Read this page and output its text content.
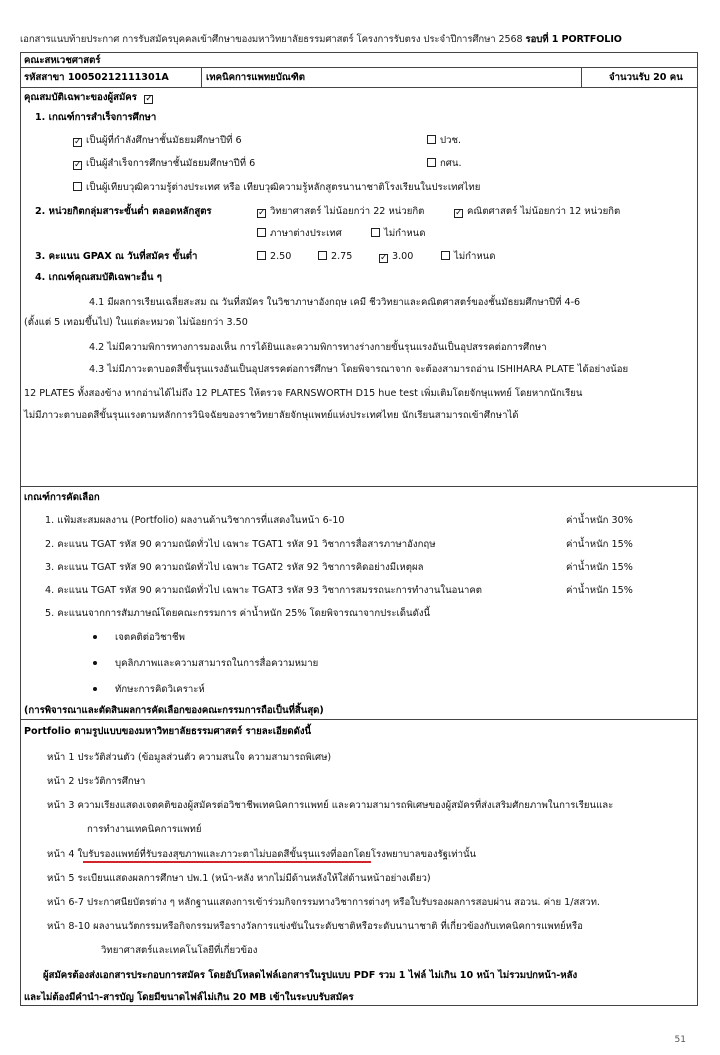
เอกสารแนบท้ายประกาศ การรับสมัครบุคคลเข้าศึกษาของมหาวิทยาลัยธรรมศาสตร์ โครงการรับตรง ประจำปีการศึกษา 2568 รอบที่ 1 PORTFOLIO
คณะสหเวชศาสตร์
รหัสสาขา 10050212111301A	เทคนิคการแพทยบัณฑิต	จำนวนรับ 20 คน
คุณสมบัติเฉพาะของผู้สมัคร ✓
1. เกณฑ์การสำเร็จการศึกษา
✓ เป็นผู้ที่กำลังศึกษาชั้นมัธยมศึกษาปีที่ 6
✓ เป็นผู้สำเร็จการศึกษาชั้นมัธยมศึกษาปีที่ 6
เป็นผู้เทียบวุฒิความรู้ต่างประเทศ หรือ เทียบวุฒิความรู้หลักสูตรนานาชาติโรงเรียนในประเทศไทย
ปวช.
กศน.
2. หน่วยกิตกลุ่มสาระขั้นต่ำ ตลอดหลักสูตร	✓ วิทยาศาสตร์ ไม่น้อยกว่า 22 หน่วยกิต	✓ คณิตศาสตร์ ไม่น้อยกว่า 12 หน่วยกิต
ภาษาต่างประเทศ	ไม่กำหนด
3. คะแนน GPAX ณ วันที่สมัคร ขั้นต่ำ	2.50	2.75	✓ 3.00	ไม่กำหนด
4. เกณฑ์คุณสมบัติเฉพาะอื่น ๆ
4.1 มีผลการเรียนเฉลี่ยสะสม ณ วันที่สมัคร ในวิชาภาษาอังกฤษ เคมี ชีววิทยาและคณิตศาสตร์ของชั้นมัธยมศึกษาปีที่ 4-6
(ตั้งแต่ 5 เทอมขึ้นไป) ในแต่ละหมวด ไม่น้อยกว่า 3.50
4.2 ไม่มีความพิการทางการมองเห็น การได้ยินและความพิการทางร่างกายขั้นรุนแรงอันเป็นอุปสรรคต่อการศึกษา
4.3 ไม่มีภาวะตาบอดสีขั้นรุนแรงอันเป็นอุปสรรคต่อการศึกษา โดยพิจารณาจาก จะต้องสามารถอ่าน ISHIHARA PLATE ได้อย่างน้อย
12 PLATES ทั้งสองข้าง หากอ่านได้ไม่ถึง 12 PLATES ให้ตรวจ FARNSWORTH D15 hue test เพิ่มเติมโดยจักษุแพทย์ โดยหากนักเรียน
ไม่มีภาวะตาบอดสีขั้นรุนแรงตามหลักการวินิจฉัยของราชวิทยาลัยจักษุแพทย์แห่งประเทศไทย นักเรียนสามารถเข้าศึกษาได้
เกณฑ์การคัดเลือก
1. แฟ้มสะสมผลงาน (Portfolio) ผลงานด้านวิชาการที่แสดงในหน้า 6-10	ค่าน้ำหนัก 30%
2. คะแนน TGAT รหัส 90 ความถนัดทั่วไป เฉพาะ TGAT1 รหัส 91 วิชาการสื่อสารภาษาอังกฤษ	ค่าน้ำหนัก 15%
3. คะแนน TGAT รหัส 90 ความถนัดทั่วไป เฉพาะ TGAT2 รหัส 92 วิชาการคิดอย่างมีเหตุผล	ค่าน้ำหนัก 15%
4. คะแนน TGAT รหัส 90 ความถนัดทั่วไป เฉพาะ TGAT3 รหัส 93 วิชาการสมรรถนะการทำงานในอนาคต	ค่าน้ำหนัก 15%
5. คะแนนจากการสัมภาษณ์โดยคณะกรรมการ ค่าน้ำหนัก 25% โดยพิจารณาจากประเด็นดังนี้
เจตคติต่อวิชาชีพ
บุคลิกภาพและความสามารถในการสื่อความหมาย
ทักษะการคิดวิเคราะห์
(การพิจารณาและตัดสินผลการคัดเลือกของคณะกรรมการถือเป็นที่สิ้นสุด)
Portfolio ตามรูปแบบของมหาวิทยาลัยธรรมศาสตร์ รายละเอียดดังนี้
หน้า 1 ประวัติส่วนตัว (ข้อมูลส่วนตัว ความสนใจ ความสามารถพิเศษ)
หน้า 2 ประวัติการศึกษา
หน้า 3 ความเรียงแสดงเจตคติของผู้สมัครต่อวิชาชีพเทคนิคการแพทย์ และความสามารถพิเศษของผู้สมัครที่ส่งเสริมศักยภาพในการเรียนและ
การทำงานเทคนิคการแพทย์
หน้า 4 ใบรับรองแพทย์ที่รับรองสุขภาพและภาวะตาไม่บอดสีขั้นรุนแรงที่ออกโดยโรงพยาบาลของรัฐเท่านั้น
หน้า 5 ระเบียนแสดงผลการศึกษา ปพ.1 (หน้า-หลัง หากไม่มีด้านหลังให้ใส่ด้านหน้าอย่างเดียว)
หน้า 6-7 ประกาศนียบัตรต่าง ๆ หลักฐานแสดงการเข้าร่วมกิจกรรมทางวิชาการต่างๆ หรือใบรับรองผลการสอบผ่าน สอวน. ค่าย 1/สสวท.
หน้า 8-10 ผลงานนวัตกรรมหรือกิจกรรมหรือรางวัลการแข่งขันในระดับชาติหรือระดับนานาชาติ ที่เกี่ยวข้องกับเทคนิคการแพทย์หรือ
วิทยาศาสตร์และเทคโนโลยีที่เกี่ยวข้อง
ผู้สมัครต้องส่งเอกสารประกอบการสมัคร โดยอัปโหลดไฟล์เอกสารในรูปแบบ PDF รวม 1 ไฟล์ ไม่เกิน 10 หน้า ไม่รวมปกหน้า-หลัง
และไม่ต้องมีคำนำ-สารบัญ โดยมีขนาดไฟล์ไม่เกิน 20 MB เข้าในระบบรับสมัคร
51
